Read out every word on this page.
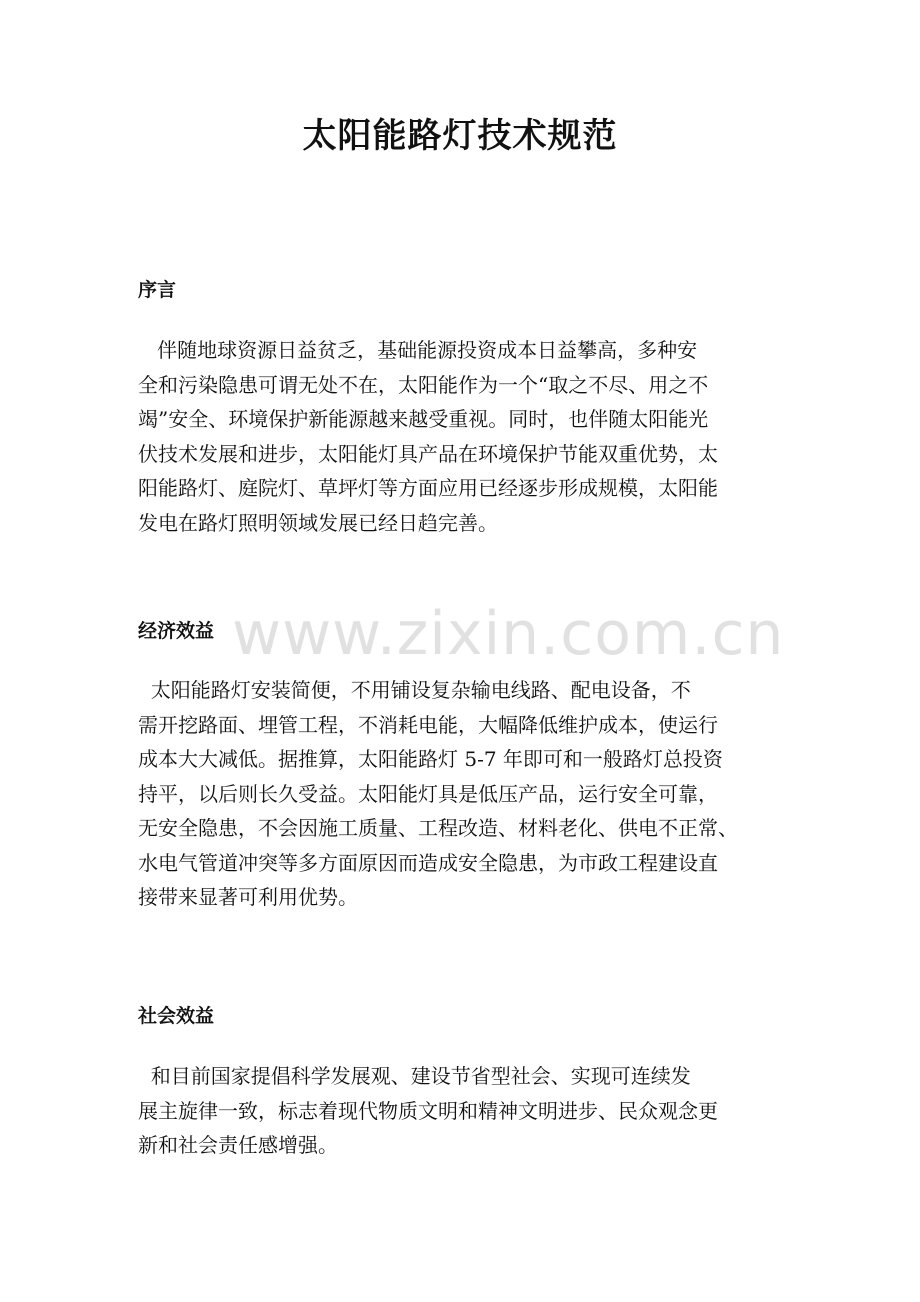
太阳能路灯技术规范
序言
伴随地球资源日益贫乏，基础能源投资成本日益攀高，多种安
全和污染隐患可谓无处不在，太阳能作为一个“取之不尽、用之不
竭”安全、环境保护新能源越来越受重视。同时，也伴随太阳能光
伏技术发展和进步，太阳能灯具产品在环境保护节能双重优势，太
阳能路灯、庭院灯、草坪灯等方面应用已经逐步形成规模，太阳能
发电在路灯照明领域发展已经日趋完善。
经济效益
太阳能路灯安装简便，不用铺设复杂输电线路、配电设备，不
需开挖路面、埋管工程，不消耗电能，大幅降低维护成本，使运行
成本大大减低。据推算，太阳能路灯 5-7 年即可和一般路灯总投资
持平，以后则长久受益。太阳能灯具是低压产品，运行安全可靠，
无安全隐患，不会因施工质量、工程改造、材料老化、供电不正常、
水电气管道冲突等多方面原因而造成安全隐患，为市政工程建设直
接带来显著可利用优势。
社会效益
和目前国家提倡科学发展观、建设节省型社会、实现可连续发
展主旋律一致，标志着现代物质文明和精神文明进步、民众观念更
新和社会责任感增强。
www.zixin.com.cn
